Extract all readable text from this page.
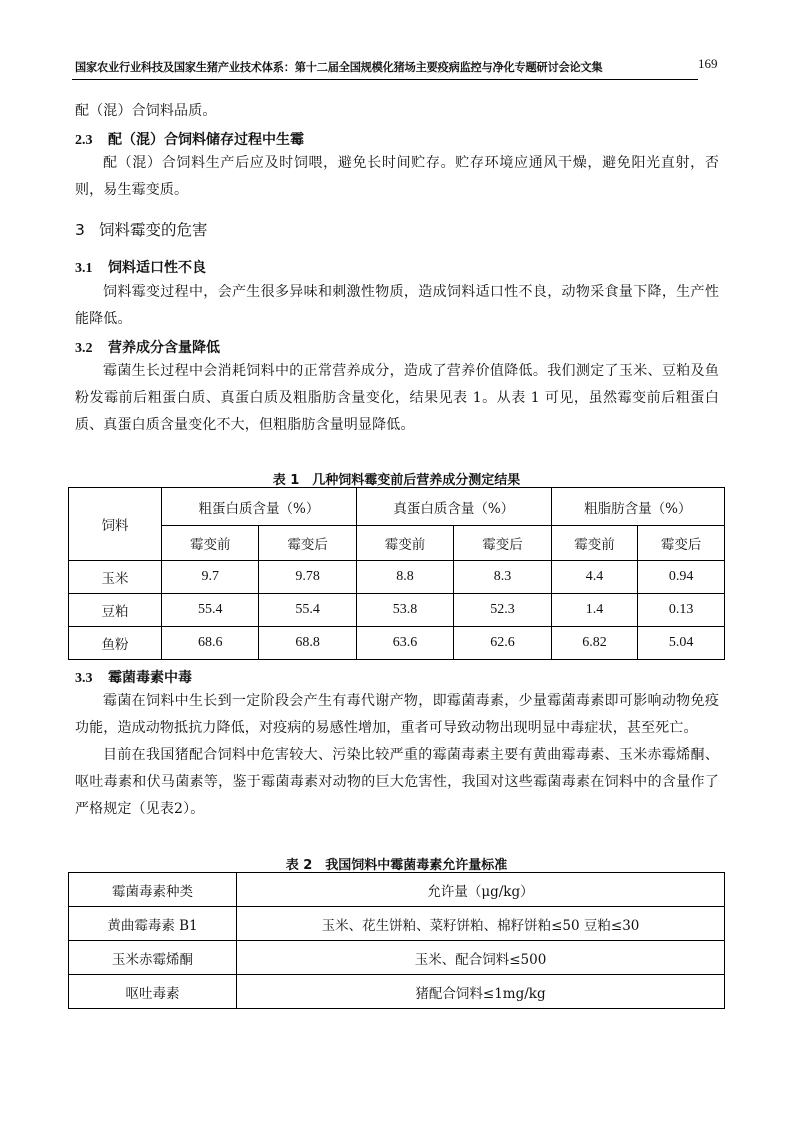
国家农业行业科技及国家生猪产业技术体系：第十二届全国规模化猪场主要疫病监控与净化专题研讨会论文集	169
配（混）合饲料品质。
2.3 配（混）合饲料储存过程中生霉
配（混）合饲料生产后应及时饲喂，避免长时间贮存。贮存环境应通风干燥，避免阳光直射，否则，易生霉变质。
3 饲料霉变的危害
3.1 饲料适口性不良
饲料霉变过程中，会产生很多异味和刺激性物质，造成饲料适口性不良，动物采食量下降，生产性能降低。
3.2 营养成分含量降低
霉菌生长过程中会消耗饲料中的正常营养成分，造成了营养价值降低。我们测定了玉米、豆粕及鱼粉发霉前后粗蛋白质、真蛋白质及粗脂肪含量变化，结果见表 1。从表 1 可见，虽然霉变前后粗蛋白质、真蛋白质含量变化不大，但粗脂肪含量明显降低。
表 1　几种饲料霉变前后营养成分测定结果
饲料	粗蛋白质含量（%）		真蛋白质含量（%）		粗脂肪含量（%）	
	霉变前	霉变后	霉变前	霉变后	霉变前	霉变后
玉米	9.7	9.78	8.8	8.3	4.4	0.94
豆粕	55.4	55.4	53.8	52.3	1.4	0.13
鱼粉	68.6	68.8	63.6	62.6	6.82	5.04
3.3 霉菌毒素中毒
霉菌在饲料中生长到一定阶段会产生有毒代谢产物，即霉菌毒素，少量霉菌毒素即可影响动物免疫功能，造成动物抵抗力降低，对疫病的易感性增加，重者可导致动物出现明显中毒症状，甚至死亡。
目前在我国猪配合饲料中危害较大、污染比较严重的霉菌毒素主要有黄曲霉毒素、玉米赤霉烯酮、呕吐毒素和伏马菌素等，鉴于霉菌毒素对动物的巨大危害性，我国对这些霉菌毒素在饲料中的含量作了严格规定（见表2）。
表 2　我国饲料中霉菌毒素允许量标准
霉菌毒素种类	允许量（μg/kg）
黄曲霉毒素 B1	玉米、花生饼粕、菜籽饼粕、棉籽饼粕≤50 豆粕≤30
玉米赤霉烯酮	玉米、配合饲料≤500
呕吐毒素	猪配合饲料≤1mg/kg
